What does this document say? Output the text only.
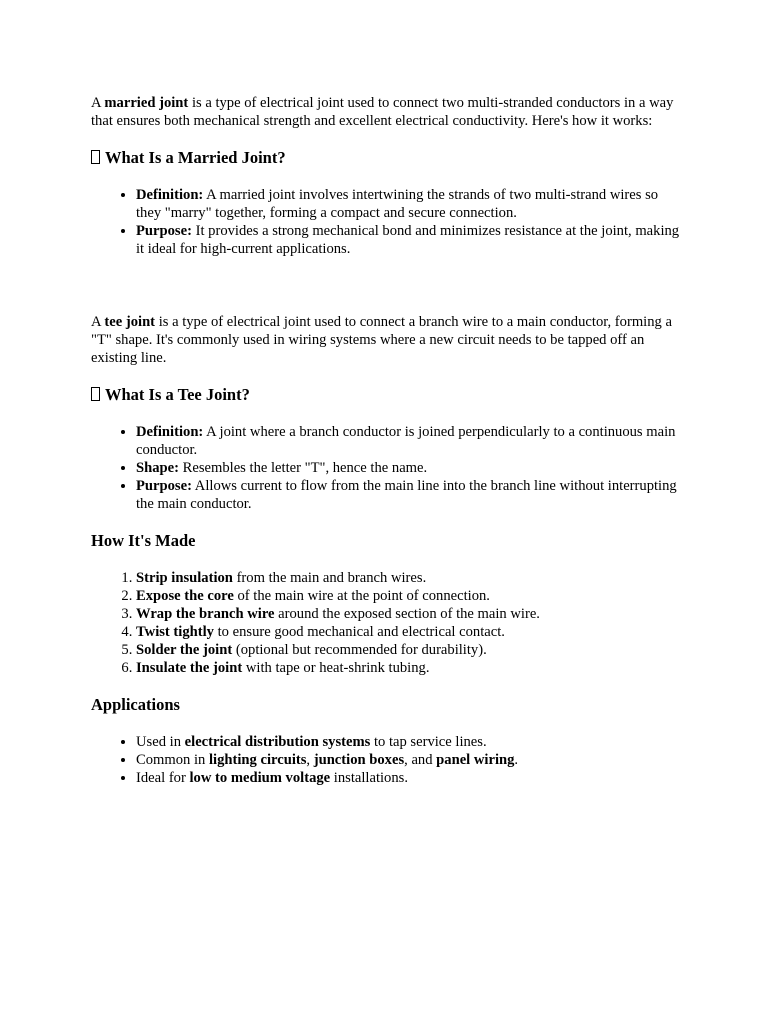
A married joint is a type of electrical joint used to connect two multi-stranded conductors in a way that ensures both mechanical strength and excellent electrical conductivity. Here's how it works:

What Is a Married Joint?
• Definition: A married joint involves intertwining the strands of two multi-strand wires so they "marry" together, forming a compact and secure connection.
• Purpose: It provides a strong mechanical bond and minimizes resistance at the joint, making it ideal for high-current applications.

A tee joint is a type of electrical joint used to connect a branch wire to a main conductor, forming a "T" shape. It's commonly used in wiring systems where a new circuit needs to be tapped off an existing line.

What Is a Tee Joint?
• Definition: A joint where a branch conductor is joined perpendicularly to a continuous main conductor.
• Shape: Resembles the letter "T", hence the name.
• Purpose: Allows current to flow from the main line into the branch line without interrupting the main conductor.
How It's Made
1. Strip insulation from the main and branch wires.
2. Expose the core of the main wire at the point of connection.
3. Wrap the branch wire around the exposed section of the main wire.
4. Twist tightly to ensure good mechanical and electrical contact.
5. Solder the joint (optional but recommended for durability).
6. Insulate the joint with tape or heat-shrink tubing.
Applications
• Used in electrical distribution systems to tap service lines.
• Common in lighting circuits, junction boxes, and panel wiring.
• Ideal for low to medium voltage installations.
